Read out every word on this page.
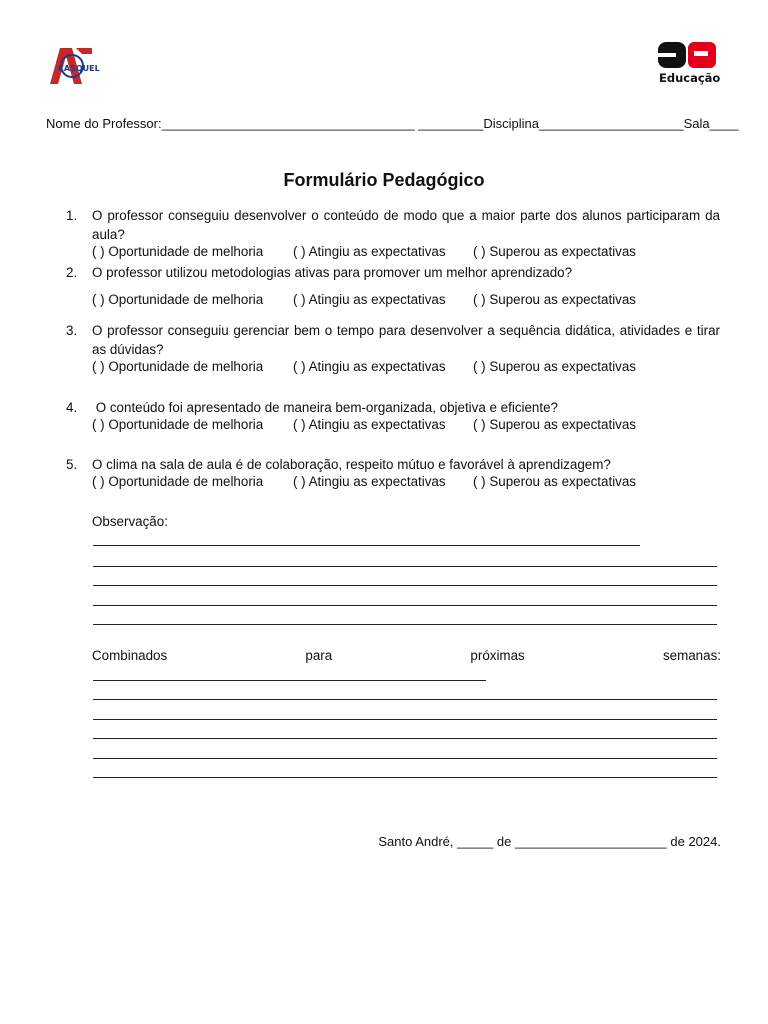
CASQUEL
Educação
Nome do Professor:___________________________________ _________Disciplina____________________Sala____
Formulário Pedagógico
1.	O professor conseguiu desenvolver o conteúdo de modo que a maior parte dos alunos participaram da aula?
( ) Oportunidade de melhoria ( ) Atingiu as expectativas ( ) Superou as expectativas
2.	O professor utilizou metodologias ativas para promover um melhor aprendizado?
( ) Oportunidade de melhoria ( ) Atingiu as expectativas ( ) Superou as expectativas
3.	O professor conseguiu gerenciar bem o tempo para desenvolver a sequência didática, atividades e tirar as dúvidas?
( ) Oportunidade de melhoria ( ) Atingiu as expectativas ( ) Superou as expectativas
4.	O conteúdo foi apresentado de maneira bem-organizada, objetiva e eficiente?
( ) Oportunidade de melhoria ( ) Atingiu as expectativas ( ) Superou as expectativas
5.	O clima na sala de aula é de colaboração, respeito mútuo e favorável à aprendizagem?
( ) Oportunidade de melhoria ( ) Atingiu as expectativas ( ) Superou as expectativas
Observação:
Combinados	para	próximas	semanas:
Santo André, _____ de _____________________ de 2024.
